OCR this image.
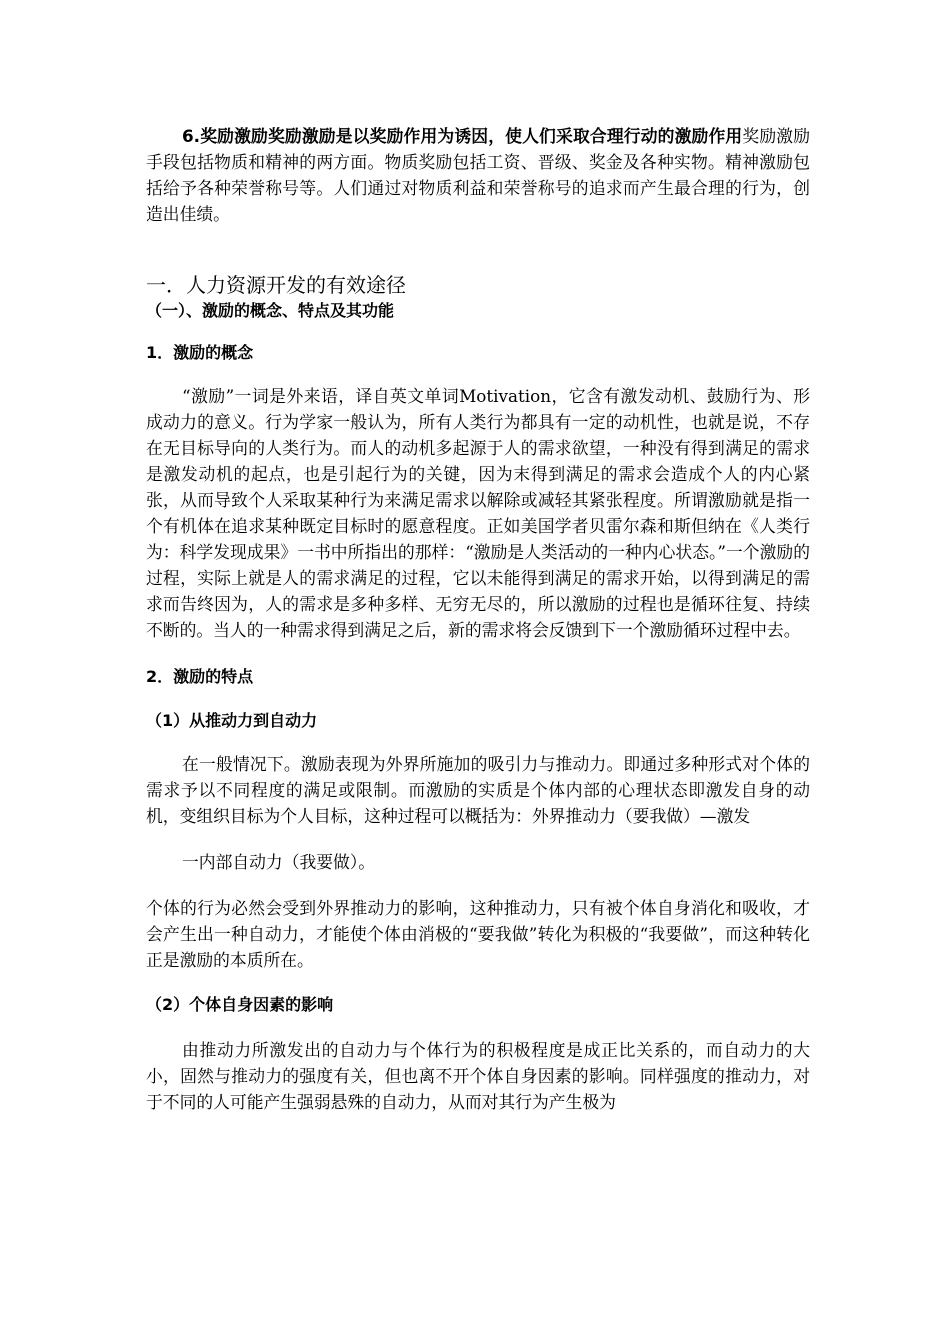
6.奖励激励奖励激励是以奖励作用为诱因，使人们采取合理行动的激励作用奖励激励手段包括物质和精神的两方面。物质奖励包括工资、晋级、奖金及各种实物。精神激励包括给予各种荣誉称号等。人们通过对物质利益和荣誉称号的追求而产生最合理的行为，创造出佳绩。

一．人力资源开发的有效途径
（一）、激励的概念、特点及其功能
1．激励的概念

“激励”一词是外来语，译自英文单词Motivation，它含有激发动机、鼓励行为、形成动力的意义。行为学家一般认为，所有人类行为都具有一定的动机性，也就是说，不存在无目标导向的人类行为。而人的动机多起源于人的需求欲望，一种没有得到满足的需求是激发动机的起点，也是引起行为的关键，因为末得到满足的需求会造成个人的内心紧张，从而导致个人采取某种行为来满足需求以解除或减轻其紧张程度。所谓激励就是指一个有机体在追求某种既定目标时的愿意程度。正如美国学者贝雷尔森和斯但纳在《人类行为：科学发现成果》一书中所指出的那样：“激励是人类活动的一种内心状态。”一个激励的过程，实际上就是人的需求满足的过程，它以未能得到满足的需求开始，以得到满足的需求而告终因为，人的需求是多种多样、无穷无尽的，所以激励的过程也是循环往复、持续不断的。当人的一种需求得到满足之后，新的需求将会反馈到下一个激励循环过程中去。

2．激励的特点
（1）从推动力到自动力

在一般情况下。激励表现为外界所施加的吸引力与推动力。即通过多种形式对个体的需求予以不同程度的满足或限制。而激励的实质是个体内部的心理状态即激发自身的动机，变组织目标为个人目标，这种过程可以概括为：外界推动力（要我做）—激发

一内部自动力（我要做）。

个体的行为必然会受到外界推动力的影响，这种推动力，只有被个体自身消化和吸收，才会产生出一种自动力，才能使个体由消极的“要我做”转化为积极的“我要做”，而这种转化正是激励的本质所在。

（2）个体自身因素的影响

由推动力所激发出的自动力与个体行为的积极程度是成正比关系的，而自动力的大小，固然与推动力的强度有关，但也离不开个体自身因素的影响。同样强度的推动力，对于不同的人可能产生强弱悬殊的自动力，从而对其行为产生极为
